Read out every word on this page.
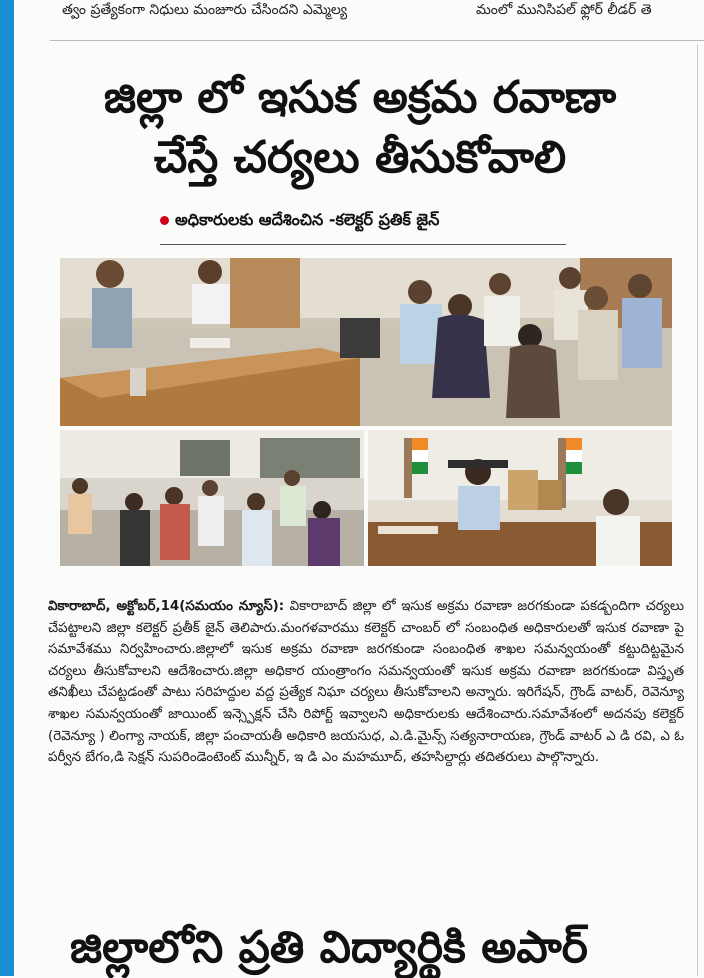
త్వం ప్రత్యేకంగా నిధులు మంజూరు చేసిందని ఎమ్మెల్య	మంలో మునిసిపల్ ఫ్లోర్ లీడర్ తె
జిల్లా లో ఇసుక అక్రమ రవాణా
చేస్తే చర్యలు తీసుకోవాలి
అధికారులకు ఆదేశించిన -కలెక్టర్ ప్రతిక్ జైన్
వికారాబాద్, అక్టోబర్,14(సమయం న్యూస్): వికారాబాద్ జిల్లా లో ఇసుక అక్రమ రవాణా జరగకుండా పకడ్బందిగా చర్యలు చేపట్టాలని జిల్లా కలెక్టర్ ప్రతీక్ జైన్ తెలిపారు.మంగళవారము కలెక్టర్ చాంబర్ లో సంబంధిత అధికారులతో ఇసుక రవాణా పై సమావేశము నిర్వహించారు.జిల్లాలో ఇసుక అక్రమ రవాణా జరగకుండా సంబంధిత శాఖల సమన్వయంతో కట్టుదిట్టమైన చర్యలు తీసుకోవాలని ఆదేశించారు.జిల్లా అధికార యంత్రాంగం సమన్వయంతో ఇసుక అక్రమ రవాణా జరగకుండా విస్తృత తనిఖీలు చేపట్టడంతో పాటు సరిహద్దుల వద్ద ప్రత్యేక నిఘా చర్యలు తీసుకోవాలని అన్నారు. ఇరిగేషన్, గ్రౌండ్ వాటర్, రెవెన్యూ శాఖల సమన్వయంతో జాయింట్ ఇన్స్పెక్షన్ చేసి రిపోర్ట్ ఇవ్వాలని అధికారులకు ఆదేశించారు.సమావేశంలో అదనపు కలెక్టర్ (రెవెన్యూ ) లింగ్యా నాయక్, జిల్లా పంచాయతీ అధికారి జయసుధ, ఎ.డి.మైన్స్ సత్యనారాయణ, గ్రౌండ్ వాటర్ ఎ డి రవి, ఎ ఓ పర్వీన బేగం,డి సెక్షన్ సుపరిండెంటెంట్ మున్నీర్, ఇ డి ఎం మహమూద్, తహసిల్దార్లు తదితరులు పాల్గొన్నారు.
జిల్లాలోని ప్రతి విద్యార్థికి అపార్
